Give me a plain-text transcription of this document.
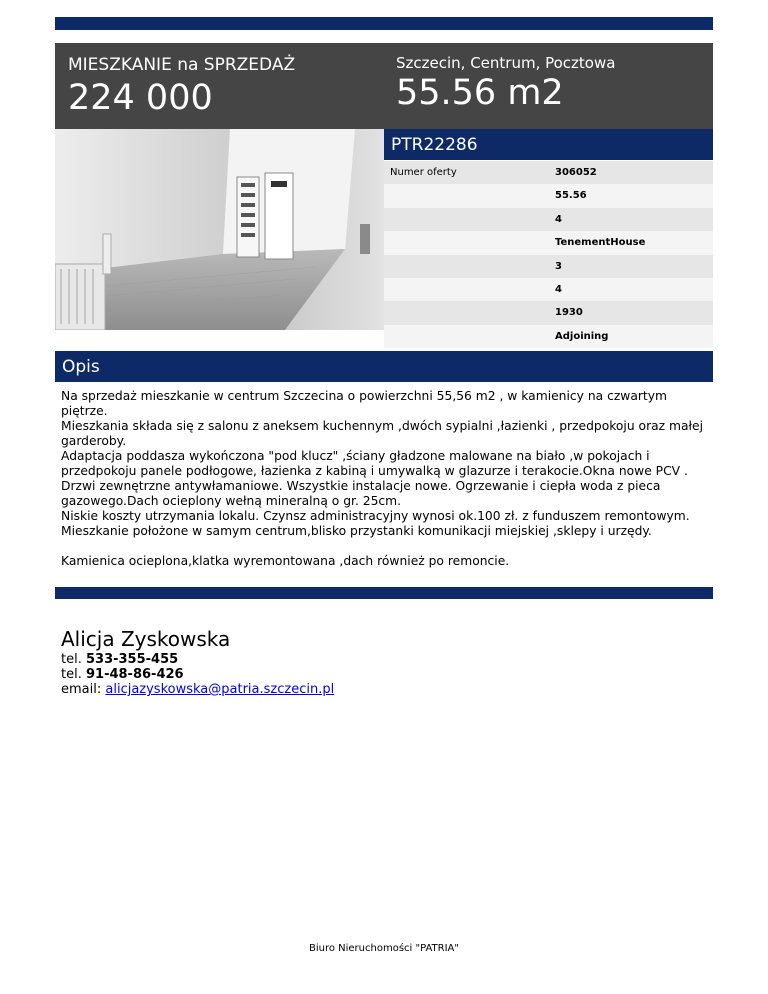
MIESZKANIE na SPRZEDAŻ
224 000
Szczecin, Centrum, Pocztowa
55.56 m2
PTR22286
Numer oferty	306052
55.56
4
TenementHouse
3
4
1930
Adjoining
Opis

Na sprzedaż mieszkanie w centrum Szczecina o powierzchni 55,56 m2 , w kamienicy na czwartym piętrze.

Mieszkania składa się z salonu z aneksem kuchennym ,dwóch sypialni ,łazienki , przedpokoju oraz małej garderoby.

Adaptacja poddasza wykończona "pod klucz" ,ściany gładzone malowane na biało ,w pokojach i przedpokoju panele podłogowe, łazienka z kabiną i umywalką w glazurze i terakocie.Okna nowe PCV . Drzwi zewnętrzne antywłamaniowe. Wszystkie instalacje nowe. Ogrzewanie i ciepła woda z pieca gazowego.Dach ocieplony wełną mineralną o gr. 25cm.

Niskie koszty utrzymania lokalu. Czynsz administracyjny wynosi ok.100 zł. z funduszem remontowym.

Mieszkanie położone w samym centrum,blisko przystanki komunikacji miejskiej ,sklepy i urzędy.

Kamienica ocieplona,klatka wyremontowana ,dach również po remoncie.

Alicja Zyskowska
tel. 533-355-455
tel. 91-48-86-426
email: alicjazyskowska@patria.szczecin.pl
Biuro Nieruchomości "PATRIA"
